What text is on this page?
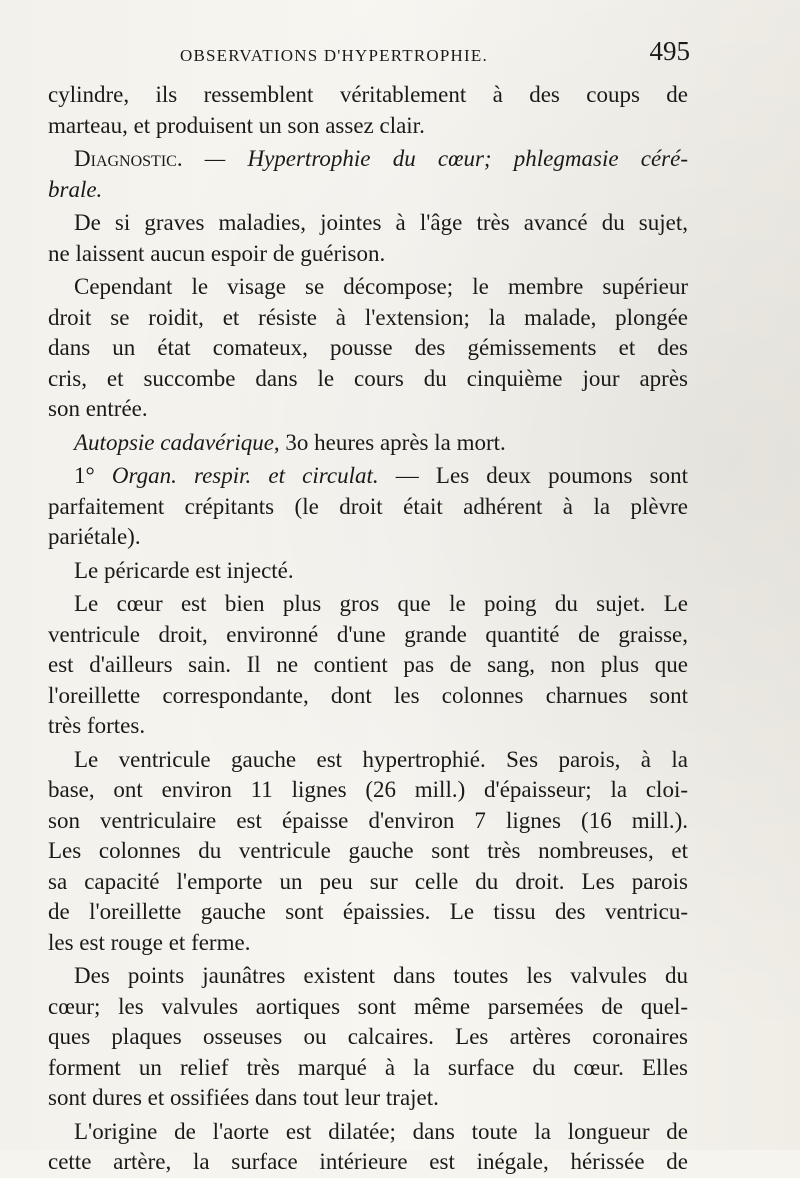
OBSERVATIONS D'HYPERTROPHIE.	495
cylindre, ils ressemblent véritablement à des coups de
marteau, et produisent un son assez clair.
Diagnostic. — Hypertrophie du cœur; phlegmasie céré-
brale.
De si graves maladies, jointes à l'âge très avancé du sujet,
ne laissent aucun espoir de guérison.
Cependant le visage se décompose; le membre supérieur
droit se roidit, et résiste à l'extension; la malade, plongée
dans un état comateux, pousse des gémissements et des
cris, et succombe dans le cours du cinquième jour après
son entrée.
Autopsie cadavérique, 3o heures après la mort.
1° Organ. respir. et circulat. — Les deux poumons sont
parfaitement crépitants (le droit était adhérent à la plèvre
pariétale).
Le péricarde est injecté.
Le cœur est bien plus gros que le poing du sujet. Le
ventricule droit, environné d'une grande quantité de graisse,
est d'ailleurs sain. Il ne contient pas de sang, non plus que
l'oreillette correspondante, dont les colonnes charnues sont
très fortes.
Le ventricule gauche est hypertrophié. Ses parois, à la
base, ont environ 11 lignes (26 mill.) d'épaisseur; la cloi-
son ventriculaire est épaisse d'environ 7 lignes (16 mill.).
Les colonnes du ventricule gauche sont très nombreuses, et
sa capacité l'emporte un peu sur celle du droit. Les parois
de l'oreillette gauche sont épaissies. Le tissu des ventricu-
les est rouge et ferme.
Des points jaunâtres existent dans toutes les valvules du
cœur; les valvules aortiques sont même parsemées de quel-
ques plaques osseuses ou calcaires. Les artères coronaires
forment un relief très marqué à la surface du cœur. Elles
sont dures et ossifiées dans tout leur trajet.
L'origine de l'aorte est dilatée; dans toute la longueur de
cette artère, la surface intérieure est inégale, hérissée de
